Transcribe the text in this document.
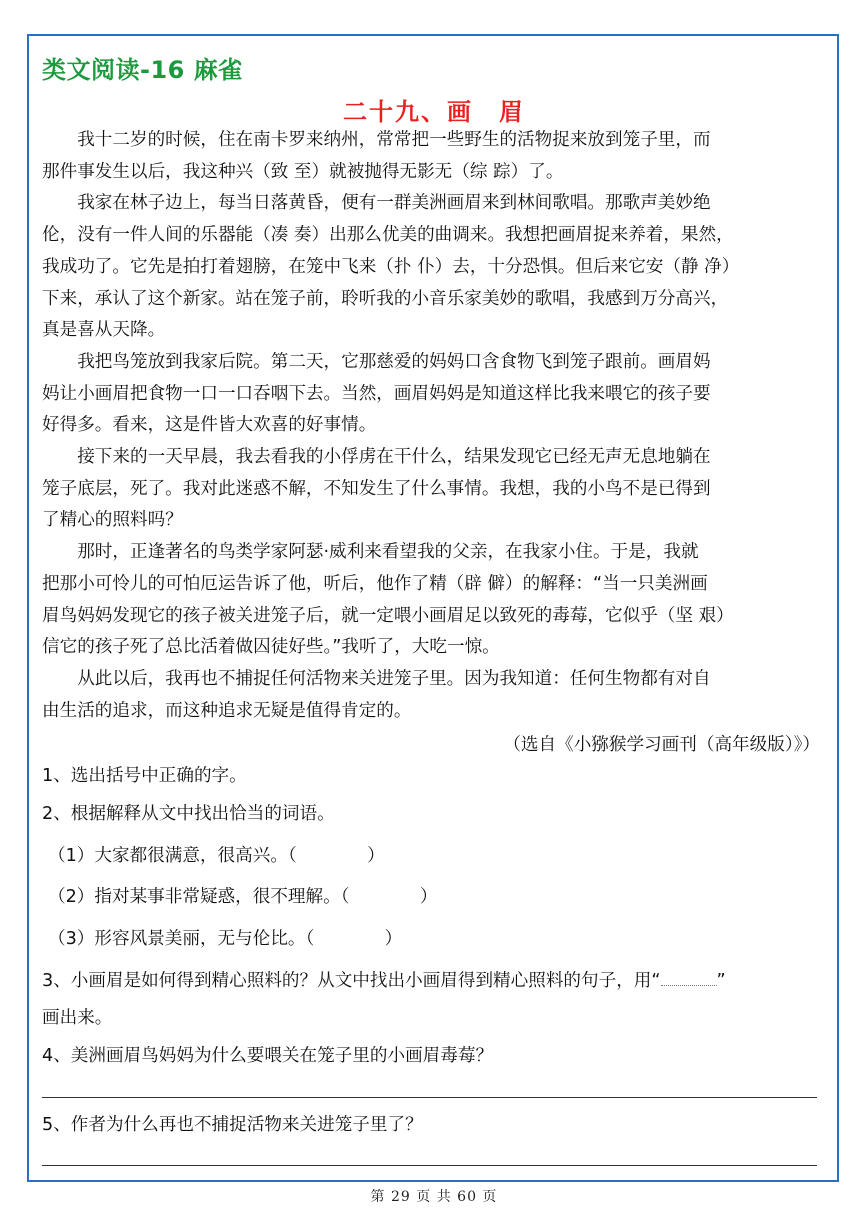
类文阅读-16 麻雀
二十九、画　眉

我十二岁的时候，住在南卡罗来纳州，常常把一些野生的活物捉来放到笼子里，而
那件事发生以后，我这种兴（致 至）就被抛得无影无（综 踪）了。

我家在林子边上，每当日落黄昏，便有一群美洲画眉来到林间歌唱。那歌声美妙绝
伦，没有一件人间的乐器能（凑 奏）出那么优美的曲调来。我想把画眉捉来养着，果然，
我成功了。它先是拍打着翅膀，在笼中飞来（扑 仆）去，十分恐惧。但后来它安（静 净）
下来，承认了这个新家。站在笼子前，聆听我的小音乐家美妙的歌唱，我感到万分高兴，
真是喜从天降。

我把鸟笼放到我家后院。第二天，它那慈爱的妈妈口含食物飞到笼子跟前。画眉妈
妈让小画眉把食物一口一口吞咽下去。当然，画眉妈妈是知道这样比我来喂它的孩子要
好得多。看来，这是件皆大欢喜的好事情。

接下来的一天早晨，我去看我的小俘虏在干什么，结果发现它已经无声无息地躺在
笼子底层，死了。我对此迷惑不解，不知发生了什么事情。我想，我的小鸟不是已得到
了精心的照料吗？

那时，正逢著名的鸟类学家阿瑟·威利来看望我的父亲，在我家小住。于是，我就
把那小可怜儿的可怕厄运告诉了他，听后，他作了精（辟 僻）的解释：“当一只美洲画
眉鸟妈妈发现它的孩子被关进笼子后，就一定喂小画眉足以致死的毒莓，它似乎（坚 艰）
信它的孩子死了总比活着做囚徒好些。”我听了，大吃一惊。

从此以后，我再也不捕捉任何活物来关进笼子里。因为我知道：任何生物都有对自
由生活的追求，而这种追求无疑是值得肯定的。

（选自《小猕猴学习画刊（高年级版）》）
1、选出括号中正确的字。
2、根据解释从文中找出恰当的词语。
（1）大家都很满意，很高兴。（　　　　）
（2）指对某事非常疑惑，很不理解。（　　　　）
（3）形容风景美丽，无与伦比。（　　　　）
3、小画眉是如何得到精心照料的？从文中找出小画眉得到精心照料的句子，用“	”
画出来。
4、美洲画眉鸟妈妈为什么要喂关在笼子里的小画眉毒莓？
5、作者为什么再也不捕捉活物来关进笼子里了？
第 29 页 共 60 页
